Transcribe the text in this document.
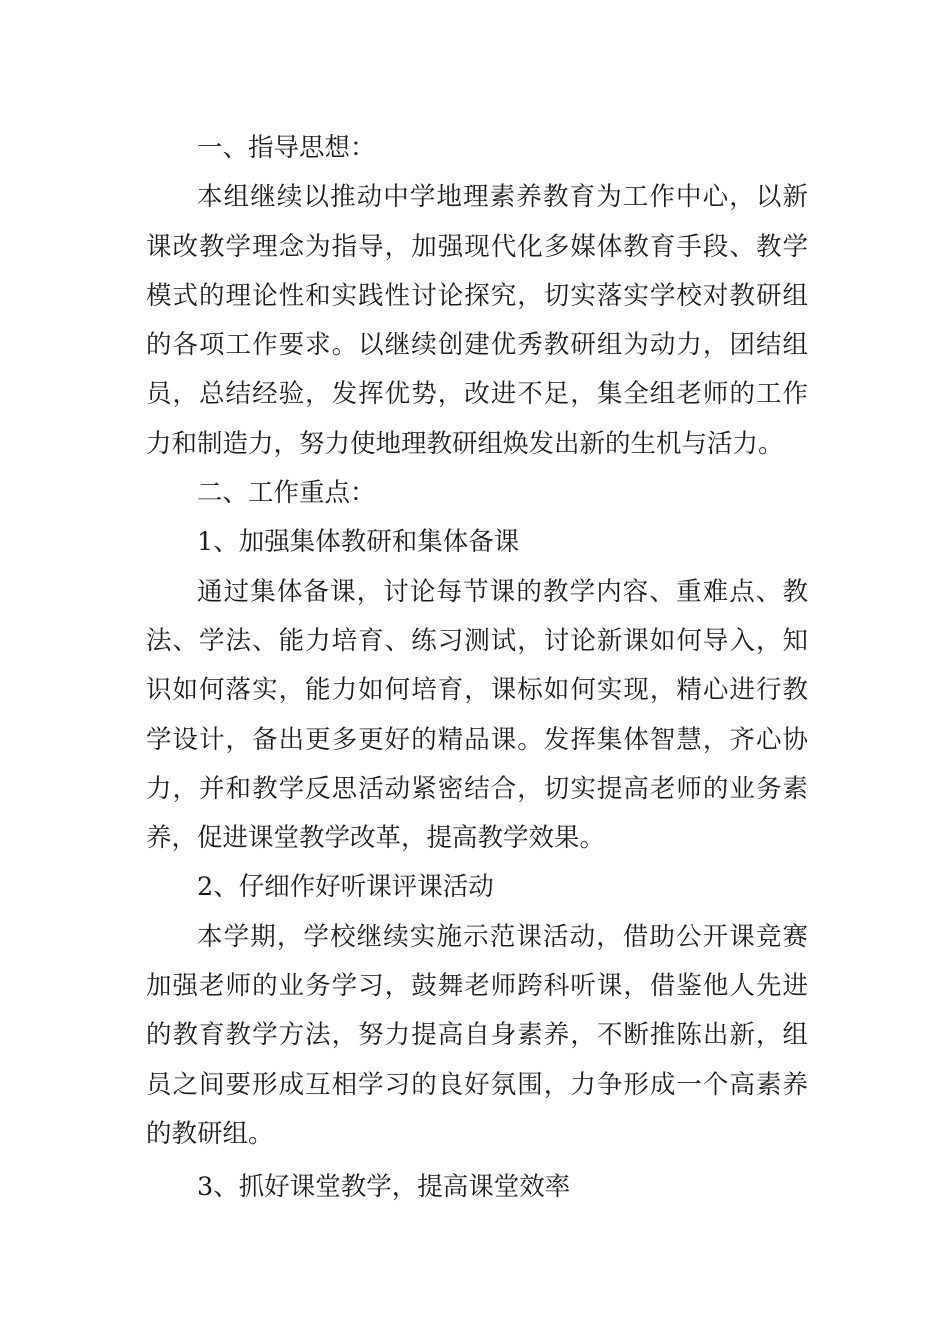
一、指导思想：

本组继续以推动中学地理素养教育为工作中心，以新课改教学理念为指导，加强现代化多媒体教育手段、教学模式的理论性和实践性讨论探究，切实落实学校对教研组的各项工作要求。以继续创建优秀教研组为动力，团结组员，总结经验，发挥优势，改进不足，集全组老师的工作力和制造力，努力使地理教研组焕发出新的生机与活力。

二、工作重点：

1、加强集体教研和集体备课

通过集体备课，讨论每节课的教学内容、重难点、教法、学法、能力培育、练习测试，讨论新课如何导入，知识如何落实，能力如何培育，课标如何实现，精心进行教学设计，备出更多更好的精品课。发挥集体智慧，齐心协力，并和教学反思活动紧密结合，切实提高老师的业务素养，促进课堂教学改革，提高教学效果。

2、仔细作好听课评课活动

本学期，学校继续实施示范课活动，借助公开课竞赛加强老师的业务学习，鼓舞老师跨科听课，借鉴他人先进的教育教学方法，努力提高自身素养，不断推陈出新，组员之间要形成互相学习的良好氛围，力争形成一个高素养的教研组。

3、抓好课堂教学，提高课堂效率
